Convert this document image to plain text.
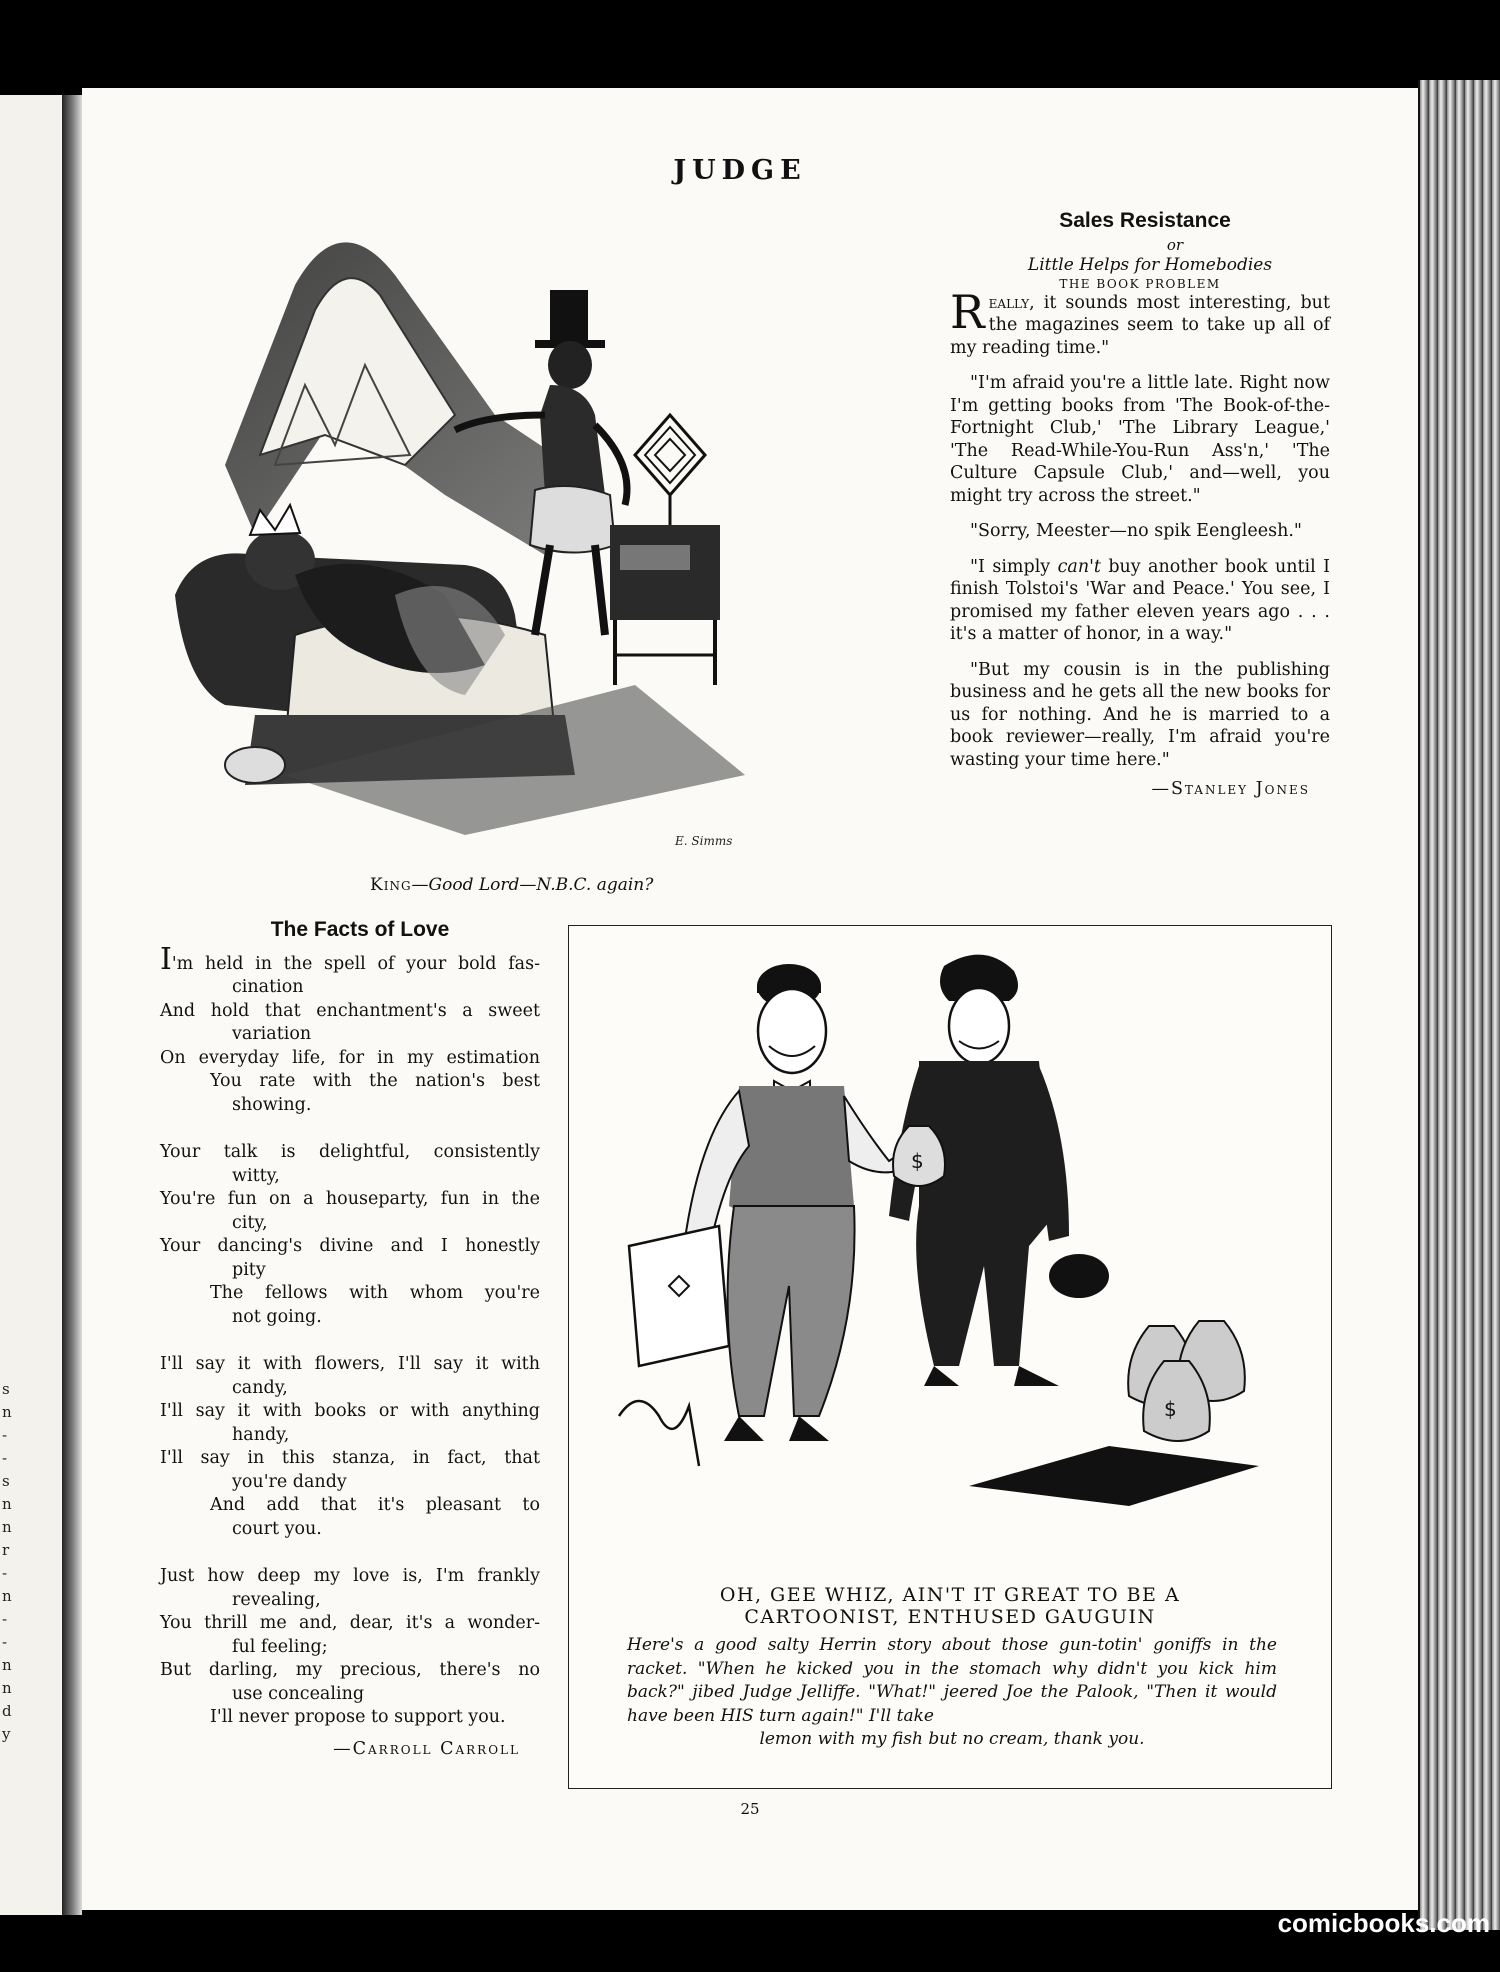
s
n
-
-
s
n
n
r
-
n
-
-
n
n
d
y
JUDGE
E. Simms
King—Good Lord—N.B.C. again?
Sales Resistance
or
Little Helps for Homebodies
THE BOOK PROBLEM

Really, it sounds most interesting, but the magazines seem to take up all of my reading time."

"I'm afraid you're a little late. Right now I'm getting books from 'The Book-of-the-Fortnight Club,' 'The Library League,' 'The Read-While-You-Run Ass'n,' 'The Culture Capsule Club,' and—well, you might try across the street."

"Sorry, Meester—no spik Eengleesh."

"I simply can't buy another book until I finish Tolstoi's 'War and Peace.' You see, I promised my father eleven years ago . . . it's a matter of honor, in a way."

"But my cousin is in the publishing business and he gets all the new books for us for nothing. And he is married to a book reviewer—really, I'm afraid you're wasting your time here."

—Stanley Jones
The Facts of Love
I'm held in the spell of your bold fas-
cination
And hold that enchantment's a sweet
variation
On everyday life, for in my estimation
You rate with the nation's best
showing.
Your talk is delightful, consistently
witty,
You're fun on a houseparty, fun in the
city,
Your dancing's divine and I honestly
pity
The fellows with whom you're
not going.
I'll say it with flowers, I'll say it with
candy,
I'll say it with books or with anything
handy,
I'll say in this stanza, in fact, that
you're dandy
And add that it's pleasant to
court you.
Just how deep my love is, I'm frankly
revealing,
You thrill me and, dear, it's a wonder-
ful feeling;
But darling, my precious, there's no
use concealing
I'll never propose to support you.
—Carroll Carroll
$
$
OH, GEE WHIZ, AIN'T IT GREAT TO BE A
CARTOONIST, ENTHUSED GAUGUIN
Here's a good salty Herrin story about those gun-totin' goniffs in the racket. "When he kicked you in the stomach why didn't you kick him back?" jibed Judge Jelliffe. "What!" jeered Joe the Palook, "Then it would have been HIS turn again!" I'll take
lemon with my fish but no cream, thank you.
25
comicbooks.com
